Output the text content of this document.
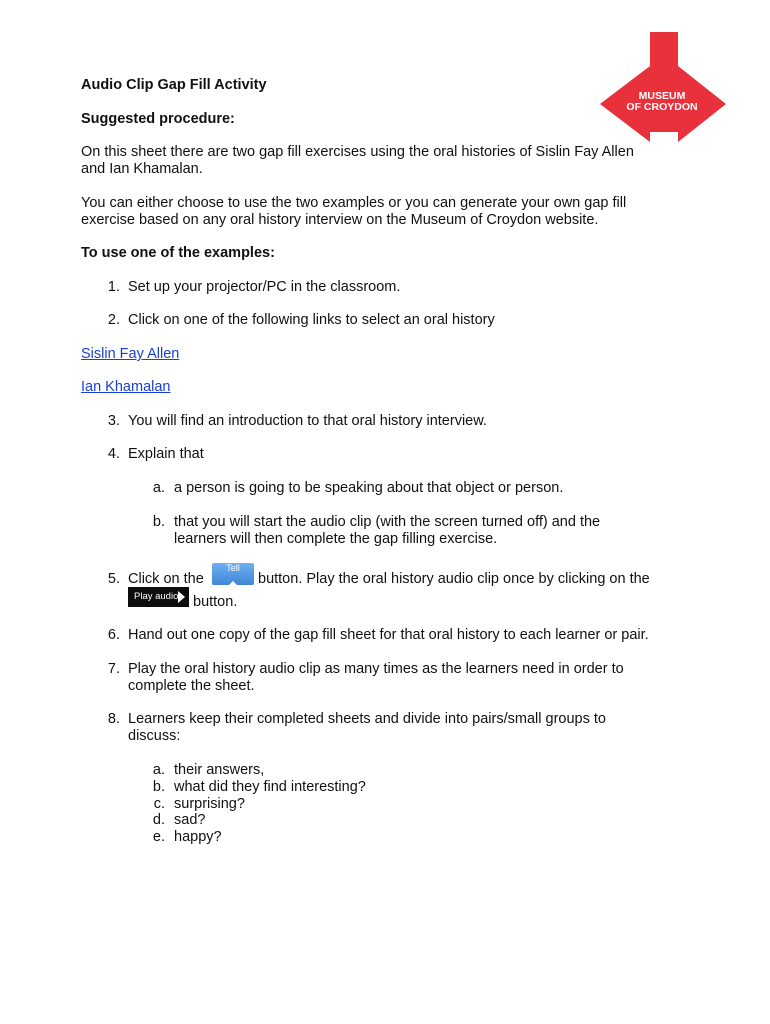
MUSEUM
OF CROYDON
Audio Clip Gap Fill Activity
Suggested procedure:
On this sheet there are two gap fill exercises using the oral histories of Sislin Fay Allen
and Ian Khamalan.
You can either choose to use the two examples or you can generate your own gap fill
exercise based on any oral history interview on the Museum of Croydon website.
To use one of the examples:
1. Set up your projector/PC in the classroom.
2. Click on one of the following links to select an oral history
Sislin Fay Allen
Ian Khamalan
3. You will find an introduction to that oral history interview.
4. Explain that
a. a person is going to be speaking about that object or person.
b. that you will start the audio clip (with the screen turned off) and the
learners will then complete the gap filling exercise.
5. Click on the
Tell
button. Play the oral history audio clip once by clicking on the
Play audio	button.
6. Hand out one copy of the gap fill sheet for that oral history to each learner or pair.
7. Play the oral history audio clip as many times as the learners need in order to
complete the sheet.
8. Learners keep their completed sheets and divide into pairs/small groups to
discuss:
a. their answers,
b. what did they find interesting?
c. surprising?
d. sad?
e. happy?
